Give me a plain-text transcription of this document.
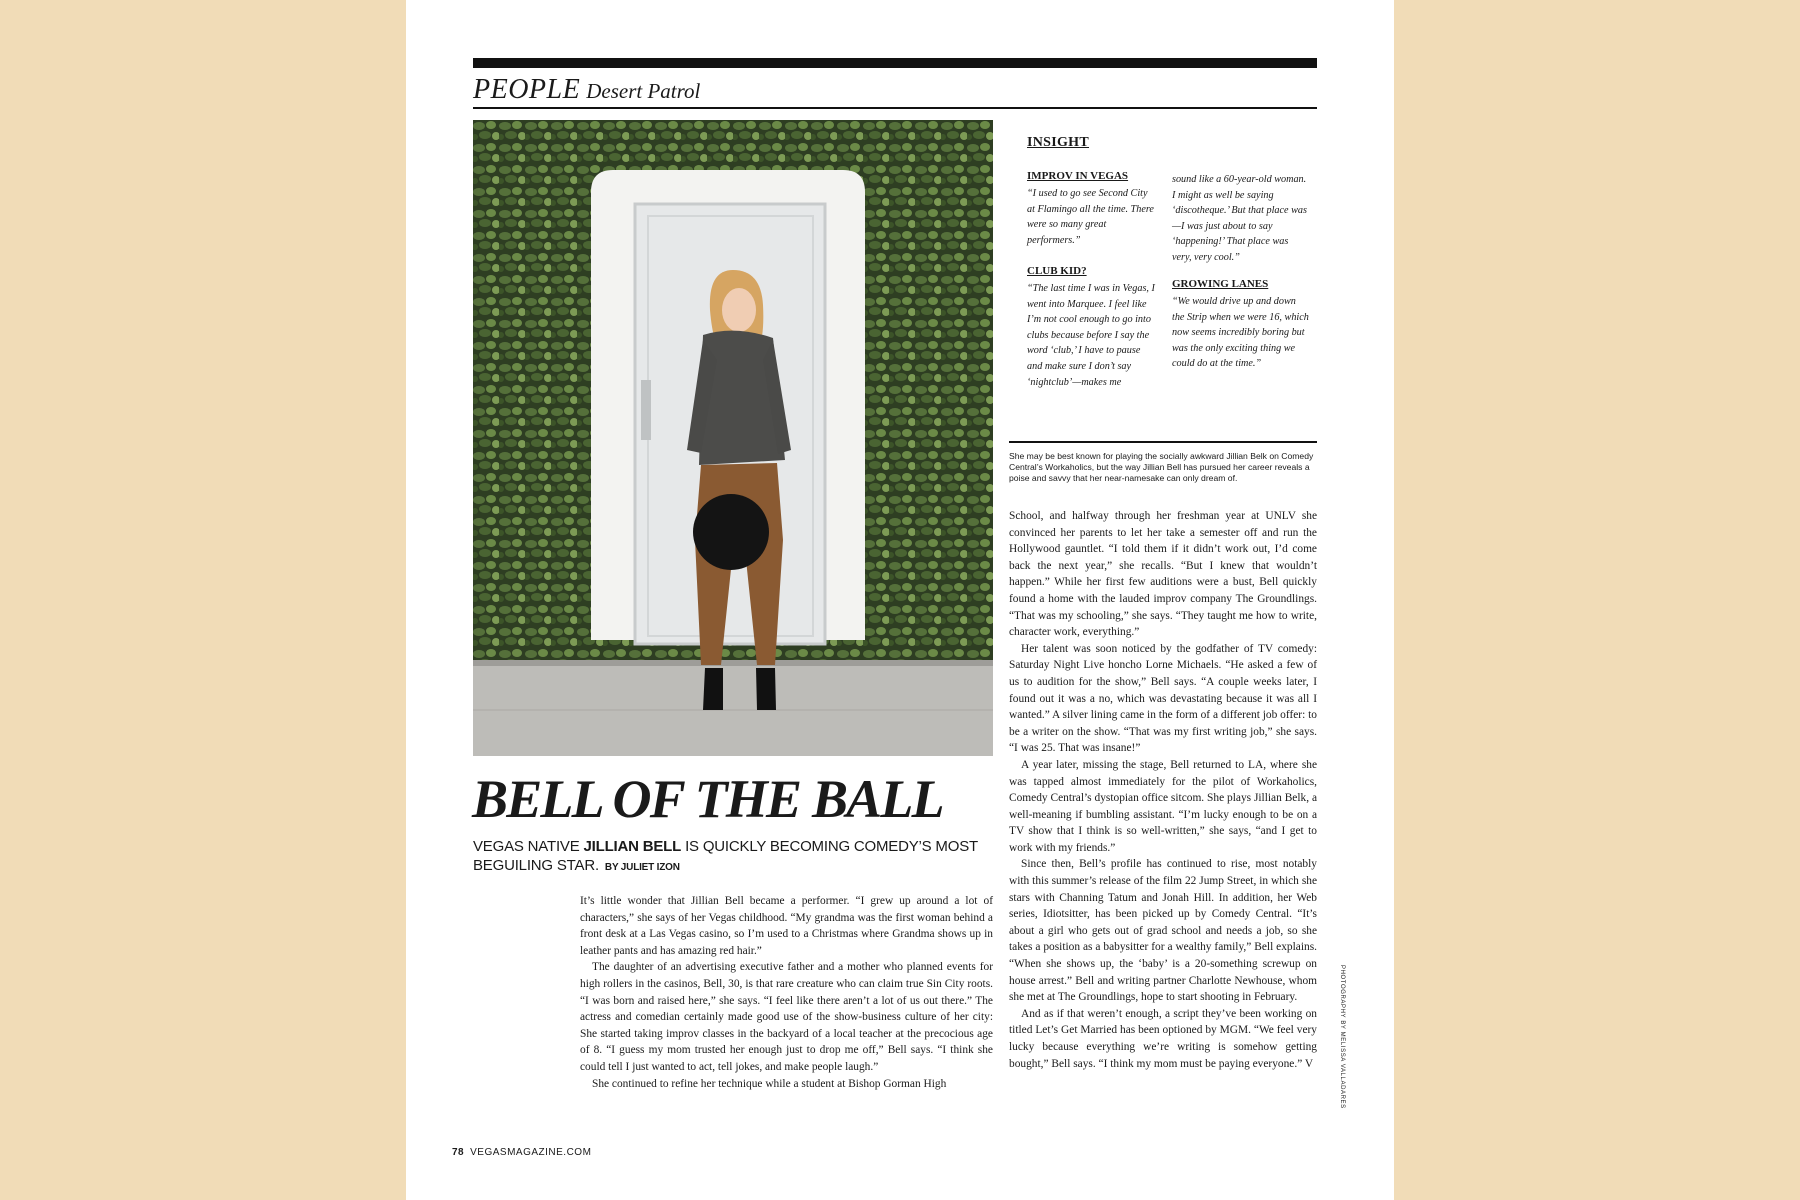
PEOPLE Desert Patrol
INSIGHT
IMPROV IN VEGAS
“I used to go see Second City at Flamingo all the time. There were so many great performers.”
CLUB KID?
“The last time I was in Vegas, I went into Marquee. I feel like I’m not cool enough to go into clubs because before I say the word ‘club,’ I have to pause and make sure I don’t say ‘nightclub’—makes me
sound like a 60-year-old woman. I might as well be saying ‘discotheque.’ But that place was—I was just about to say ‘happening!’ That place was very, very cool.”
GROWING LANES
“We would drive up and down the Strip when we were 16, which now seems incredibly boring but was the only exciting thing we could do at the time.”
She may be best known for playing the socially awkward Jillian Belk on Comedy Central’s Workaholics, but the way Jillian Bell has pursued her career reveals a poise and savvy that her near-namesake can only dream of.
BELL OF THE BALL
VEGAS NATIVE JILLIAN BELL IS QUICKLY BECOMING COMEDY’S MOST BEGUILING STAR. BY JULIET IZON

It’s little wonder that Jillian Bell became a performer. “I grew up around a lot of characters,” she says of her Vegas childhood. “My grandma was the first woman behind a front desk at a Las Vegas casino, so I’m used to a Christmas where Grandma shows up in leather pants and has amazing red hair.”

The daughter of an advertising executive father and a mother who planned events for high rollers in the casinos, Bell, 30, is that rare creature who can claim true Sin City roots. “I was born and raised here,” she says. “I feel like there aren’t a lot of us out there.” The actress and comedian certainly made good use of the show-business culture of her city: She started taking improv classes in the backyard of a local teacher at the precocious age of 8. “I guess my mom trusted her enough just to drop me off,” Bell says. “I think she could tell I just wanted to act, tell jokes, and make people laugh.”

She continued to refine her technique while a student at Bishop Gorman High

School, and halfway through her freshman year at UNLV she convinced her parents to let her take a semester off and run the Hollywood gauntlet. “I told them if it didn’t work out, I’d come back the next year,” she recalls. “But I knew that wouldn’t happen.” While her first few auditions were a bust, Bell quickly found a home with the lauded improv company The Groundlings. “That was my schooling,” she says. “They taught me how to write, character work, everything.”

Her talent was soon noticed by the godfather of TV comedy: Saturday Night Live honcho Lorne Michaels. “He asked a few of us to audition for the show,” Bell says. “A couple weeks later, I found out it was a no, which was devastating because it was all I wanted.” A silver lining came in the form of a different job offer: to be a writer on the show. “That was my first writing job,” she says. “I was 25. That was insane!”

A year later, missing the stage, Bell returned to LA, where she was tapped almost immediately for the pilot of Workaholics, Comedy Central’s dystopian office sitcom. She plays Jillian Belk, a well-meaning if bumbling assistant. “I’m lucky enough to be on a TV show that I think is so well-written,” she says, “and I get to work with my friends.”

Since then, Bell’s profile has continued to rise, most notably with this summer’s release of the film 22 Jump Street, in which she stars with Channing Tatum and Jonah Hill. In addition, her Web series, Idiotsitter, has been picked up by Comedy Central. “It’s about a girl who gets out of grad school and needs a job, so she takes a position as a babysitter for a wealthy family,” Bell explains. “When she shows up, the ‘baby’ is a 20-something screwup on house arrest.” Bell and writing partner Charlotte Newhouse, whom she met at The Groundlings, hope to start shooting in February.

And as if that weren’t enough, a script they’ve been working on titled Let’s Get Married has been optioned by MGM. “We feel very lucky because everything we’re writing is somehow getting bought,” Bell says. “I think my mom must be paying everyone.” V

78 VEGASMAGAZINE.COM
PHOTOGRAPHY BY MELISSA VALLADARES
